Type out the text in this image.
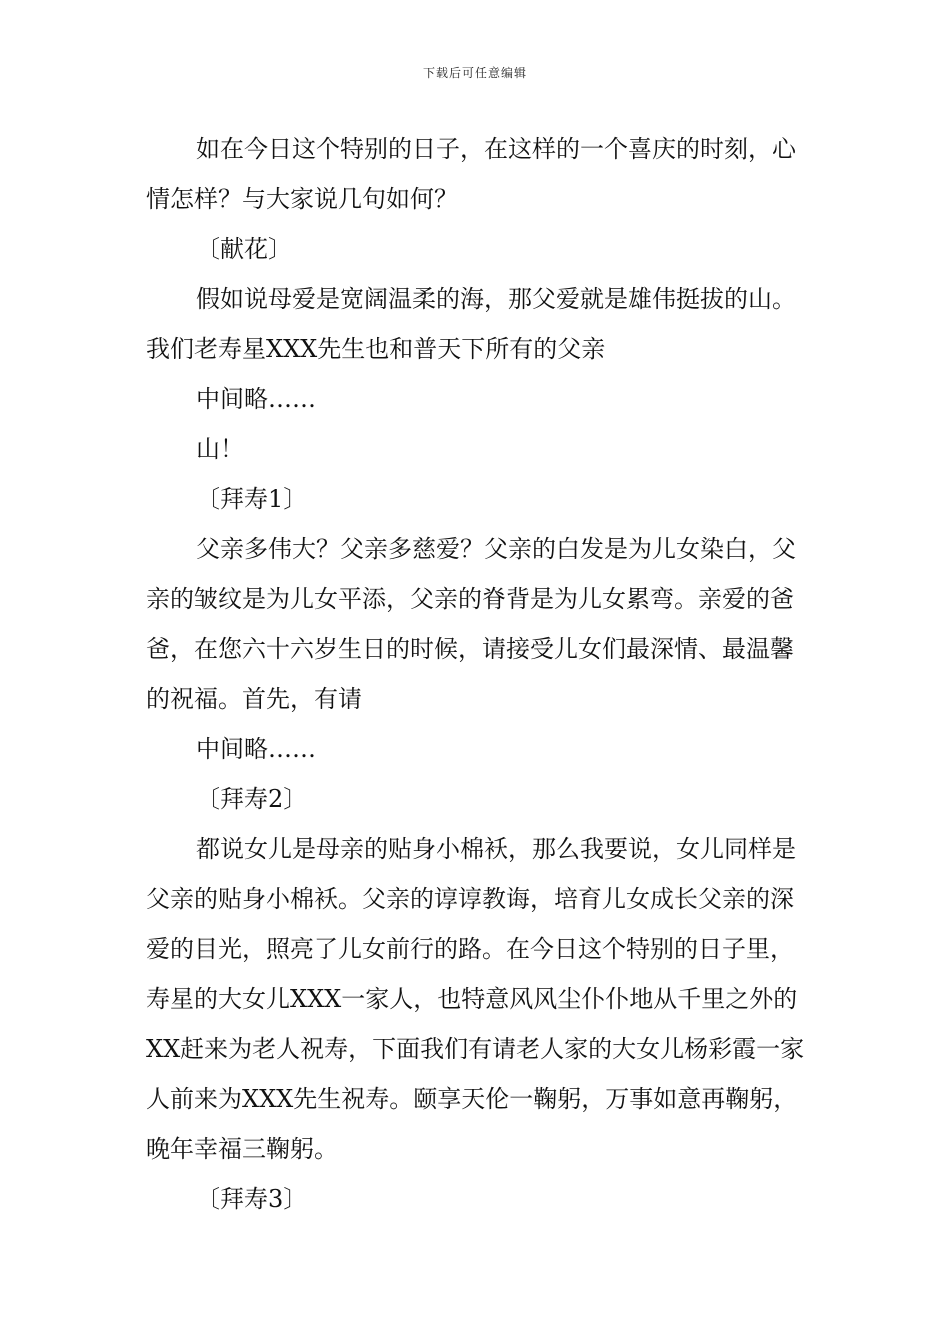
下载后可任意编辑

如在今日这个特别的日子，在这样的一个喜庆的时刻，心情怎样？与大家说几句如何？

〔献花〕

假如说母爱是宽阔温柔的海，那父爱就是雄伟挺拔的山。我们老寿星XXX先生也和普天下所有的父亲

中间略……

山！

〔拜寿1〕

父亲多伟大？父亲多慈爱？父亲的白发是为儿女染白，父亲的皱纹是为儿女平添，父亲的脊背是为儿女累弯。亲爱的爸爸，在您六十六岁生日的时候，请接受儿女们最深情、最温馨的祝福。首先，有请

中间略……

〔拜寿2〕

都说女儿是母亲的贴身小棉袄，那么我要说，女儿同样是父亲的贴身小棉袄。父亲的谆谆教诲，培育儿女成长父亲的深爱的目光，照亮了儿女前行的路。在今日这个特别的日子里，寿星的大女儿XXX一家人，也特意风风尘仆仆地从千里之外的XX赶来为老人祝寿，下面我们有请老人家的大女儿杨彩霞一家人前来为XXX先生祝寿。颐享天伦一鞠躬，万事如意再鞠躬，晚年幸福三鞠躬。

〔拜寿3〕
